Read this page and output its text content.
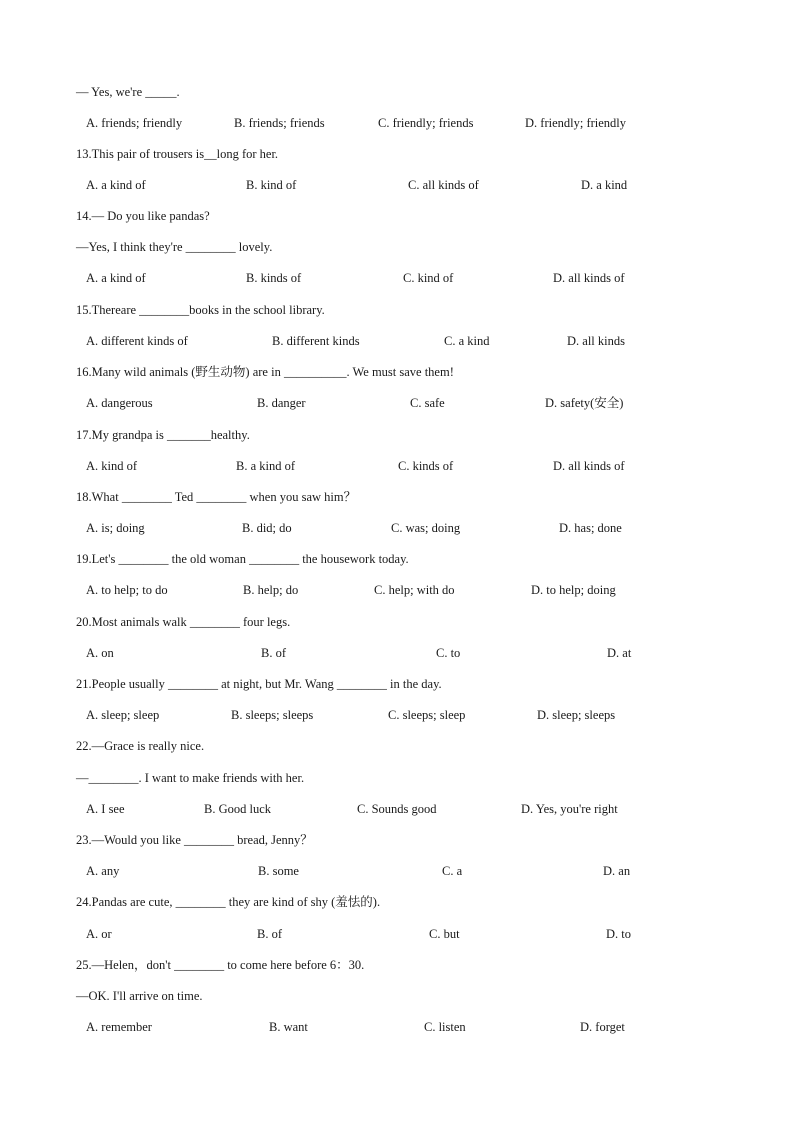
— Yes, we're _____.
A. friends; friendly	B. friends; friends	C. friendly; friends	D. friendly; friendly
13.This pair of trousers is__long for her.
A. a kind of	B. kind of	C. all kinds of	D. a kind
14.— Do you like pandas?
—Yes, I think they're ________ lovely.
A. a kind of	B. kinds of	C. kind of	D. all kinds of
15.Thereare ________books in the school library.
A. different kinds of	B. different kinds	C. a kind	D. all kinds
16.Many wild animals (野生动物) are in __________. We must save them!
A. dangerous	B. danger	C. safe	D. safety(安全)
17.My grandpa is _______healthy.
A. kind of	B. a kind of	C. kinds of	D. all kinds of
18.What ________ Ted ________ when you saw him？
A. is; doing	B. did; do	C. was; doing	D. has; done
19.Let's ________ the old woman ________ the housework today.
A. to help; to do	B. help; do	C. help; with do	D. to help; doing
20.Most animals walk ________ four legs.
A. on	B. of	C. to	D. at
21.People usually ________ at night, but Mr. Wang ________ in the day.
A. sleep; sleep	B. sleeps; sleeps	C. sleeps; sleep	D. sleep; sleeps
22.—Grace is really nice.
—________. I want to make friends with her.
A. I see	B. Good luck	C. Sounds good	D. Yes, you're right
23.—Would you like ________ bread, Jenny？
A. any	B. some	C. a	D. an
24.Pandas are cute, ________ they are kind of shy (羞怯的).
A. or	B. of	C. but	D. to
25.—Helen，don't ________ to come here before 6：30.
—OK. I'll arrive on time.
A. remember	B. want	C. listen	D. forget
